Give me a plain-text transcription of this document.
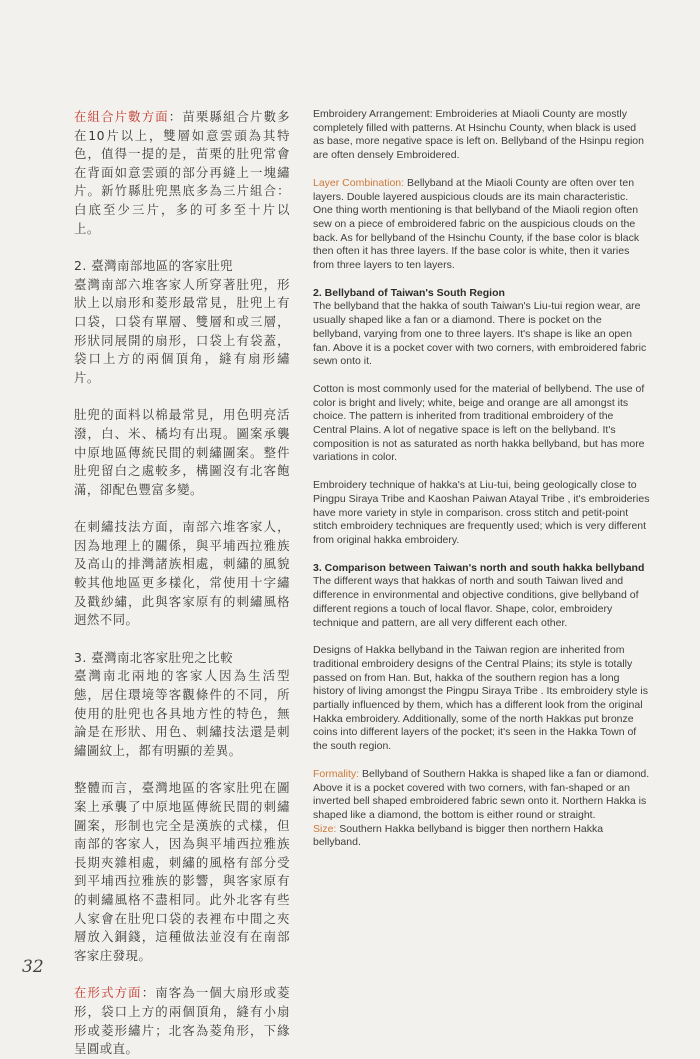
在組合片數方面：苗栗縣組合片數多在10片以上，雙層如意雲頭為其特色，值得一提的是，苗栗的肚兜常會在背面如意雲頭的部分再縫上一塊繡片。新竹縣肚兜黑底多為三片組合：白底至少三片，多的可多至十片以上。

2. 臺灣南部地區的客家肚兜

臺灣南部六堆客家人所穿著肚兜，形狀上以扇形和菱形最常見，肚兜上有口袋，口袋有單層、雙層和或三層，形狀同展開的扇形，口袋上有袋蓋，袋口上方的兩個頂角，縫有扇形繡片。

肚兜的面料以棉最常見，用色明亮活潑，白、米、橘均有出現。圖案承襲中原地區傳統民間的刺繡圖案。整件肚兜留白之處較多，構圖沒有北客飽滿，卻配色豐富多變。

在刺繡技法方面，南部六堆客家人，因為地理上的關係，與平埔西拉雅族及高山的排灣諸族相處，刺繡的風貌較其他地區更多樣化，常使用十字繡及戳紗繡，此與客家原有的刺繡風格迥然不同。

3. 臺灣南北客家肚兜之比較

臺灣南北兩地的客家人因為生活型態，居住環境等客觀條件的不同，所使用的肚兜也各具地方性的特色，無論是在形狀、用色、刺繡技法還是刺繡圖紋上，都有明顯的差異。

整體而言，臺灣地區的客家肚兜在圖案上承襲了中原地區傳統民間的刺繡圖案，形制也完全是漢族的式樣，但南部的客家人，因為與平埔西拉雅族長期夾雜相處，刺繡的風格有部分受到平埔西拉雅族的影響，與客家原有的刺繡風格不盡相同。此外北客有些人家會在肚兜口袋的表裡布中間之夾層放入銅錢，這種做法並沒有在南部客家庄發現。

在形式方面：南客為一個大扇形或菱形，袋口上方的兩個頂角，縫有小扇形或菱形繡片；北客為菱角形，下緣呈圓或直。

Embroidery Arrangement: Embroideries at Miaoli County are mostly completely filled with patterns. At Hsinchu County, when black is used as base, more negative space is left on. Bellyband of the Hsinpu region are often densely Embroidered.

Layer Combination: Bellyband at the Miaoli County are often over ten layers. Double layered auspicious clouds are its main characteristic. One thing worth mentioning is that bellyband of the Miaoli region often sew on a piece of embroidered fabric on the auspicious clouds on the back. As for bellyband of the Hsinchu County, if the base color is black then often it has three layers. If the base color is white, then it varies from three layers to ten layers.

2. Bellyband of Taiwan's South Region

The bellyband that the hakka of south Taiwan's Liu-tui region wear, are usually shaped like a fan or a diamond. There is pocket on the bellyband, varying from one to three layers. It's shape is like an open fan. Above it is a pocket cover with two corners, with embroidered fabric sewn onto it.

Cotton is most commonly used for the material of bellybend. The use of color is bright and lively; white, beige and orange are all amongst its choice. The pattern is inherited from traditional embroidery of the Central Plains. A lot of negative space is left on the bellyband. It's composition is not as saturated as north hakka bellyband, but has more variations in color.

Embroidery technique of hakka's at Liu-tui, being geologically close to Pingpu Siraya Tribe and Kaoshan Paiwan Atayal Tribe , it's embroideries have more variety in style in comparison. cross stitch and petit-point stitch embroidery techniques are frequently used; which is very different from original hakka embroidery.

3. Comparison between Taiwan's north and south hakka bellyband

The different ways that hakkas of north and south Taiwan lived and difference in environmental and objective conditions, give bellyband of different regions a touch of local flavor. Shape, color, embroidery technique and pattern, are all very different each other.

Designs of Hakka bellyband in the Taiwan region are inherited from traditional embroidery designs of the Central Plains; its style is totally passed on from Han. But, hakka of the southern region has a long history of living amongst the Pingpu Siraya Tribe . Its embroidery style is partially influenced by them, which has a different look from the original Hakka embroidery. Additionally, some of the north Hakkas put bronze coins into different layers of the pocket; it's seen in the Hakka Town of the south region.

Formality: Bellyband of Southern Hakka is shaped like a fan or diamond. Above it is a pocket covered with two corners, with fan-shaped or an inverted bell shaped embroidered fabric sewn onto it. Northern Hakka is shaped like a diamond, the bottom is either round or straight.

Size: Southern Hakka bellyband is bigger then northern Hakka bellyband.

32
